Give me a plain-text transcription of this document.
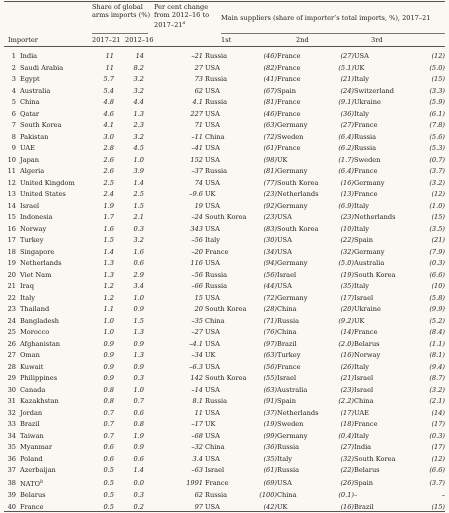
Importer
Share of global arms imports (%)
Per cent change from 2012–16 to 2017–21$^a$
Main suppliers (share of importer’s total imports, %), 2017–21
2017–21 2012–16	1st	2nd	3rd
1	India	11	14	–21	Russia	(46)	France	(27)	USA	(12)
2	Saudi Arabia	11	8.2	27	USA	(82)	France	(5.1)	UK	(5.0)
3	Egypt	5.7	3.2	73	Russia	(41)	France	(21)	Italy	(15)
4	Australia	5.4	3.2	62	USA	(67)	Spain	(24)	Switzerland	(3.3)
5	China	4.8	4.4	4.1	Russia	(81)	France	(9.1)	Ukraine	(5.9)
6	Qatar	4.6	1.3	227	USA	(46)	France	(36)	Italy	(6.1)
7	South Korea	4.1	2.3	71	USA	(63)	Germany	(27)	France	(7.8)
8	Pakistan	3.0	3.2	–11	China	(72)	Sweden	(6.4)	Russia	(5.6)
9	UAE	2.8	4.5	–41	USA	(61)	France	(6.2)	Russia	(5.3)
10	Japan	2.6	1.0	152	USA	(98)	UK	(1.7)	Sweden	(0.7)
11	Algeria	2.6	3.9	–37	Russia	(81)	Germany	(6.4)	France	(3.7)
12	United Kingdom	2.5	1.4	74	USA	(77)	South Korea	(16)	Germany	(3.2)
13	United States	2.4	2.5	–9.6	UK	(23)	Netherlands	(13)	France	(12)
14	Israel	1.9	1.5	19	USA	(92)	Germany	(6.9)	Italy	(1.0)
15	Indonesia	1.7	2.1	–24	South Korea	(23)	USA	(23)	Netherlands	(15)
16	Norway	1.6	0.3	343	USA	(83)	South Korea	(10)	Italy	(3.5)
17	Turkey	1.5	3.2	–56	Italy	(30)	USA	(22)	Spain	(21)
18	Singapore	1.4	1.6	–20	France	(34)	USA	(32)	Germany	(7.9)
19	Netherlands	1.3	0.6	116	USA	(94)	Germany	(5.0)	Australia	(0.3)
20	Viet Nam	1.3	2.9	–56	Russia	(56)	Israel	(19)	South Korea	(6.6)
21	Iraq	1.2	3.4	–66	Russia	(44)	USA	(35)	Italy	(10)
22	Italy	1.2	1.0	15	USA	(72)	Germany	(17)	Israel	(5.8)
23	Thailand	1.1	0.9	20	South Korea	(28)	China	(20)	Ukraine	(9.9)
24	Bangladesh	1.0	1.5	–35	China	(71)	Russia	(9.2)	UK	(5.2)
25	Morocco	1.0	1.3	–27	USA	(76)	China	(14)	France	(8.4)
26	Afghanistan	0.9	0.9	–4.1	USA	(97)	Brazil	(2.0)	Belarus	(1.1)
27	Oman	0.9	1.3	–34	UK	(63)	Turkey	(16)	Norway	(8.1)
28	Kuwait	0.9	0.9	–6.3	USA	(56)	France	(26)	Italy	(9.4)
29	Philippines	0.9	0.3	142	South Korea	(55)	Israel	(21)	Israel	(8.7)
30	Canada	0.8	1.0	–14	USA	(63)	Australia	(23)	Israel	(3.2)
31	Kazakhstan	0.8	0.7	8.1	Russia	(91)	Spain	(2.2)	China	(2.1)
32	Jordan	0.7	0.6	11	USA	(37)	Netherlands	(17)	UAE	(14)
33	Brazil	0.7	0.8	–17	UK	(19)	Sweden	(18)	France	(17)
34	Taiwan	0.7	1.9	–68	USA	(99)	Germany	(0.4)	Italy	(0.3)
35	Myanmar	0.6	0.9	–32	China	(36)	Russia	(27)	India	(17)
36	Poland	0.6	0.6	3.4	USA	(35)	Italy	(32)	South Korea	(12)
37	Azerbaijan	0.5	1.4	–63	Israel	(61)	Russia	(22)	Belarus	(6.6)
38	NATO$^b$	0.5	0.0	1991	France	(69)	USA	(26)	Spain	(3.7)
39	Belarus	0.5	0.3	62	Russia	(100)	China	(0.1)	–	–
40	France	0.5	0.2	97	USA	(42)	UK	(16)	Brazil	(15)
